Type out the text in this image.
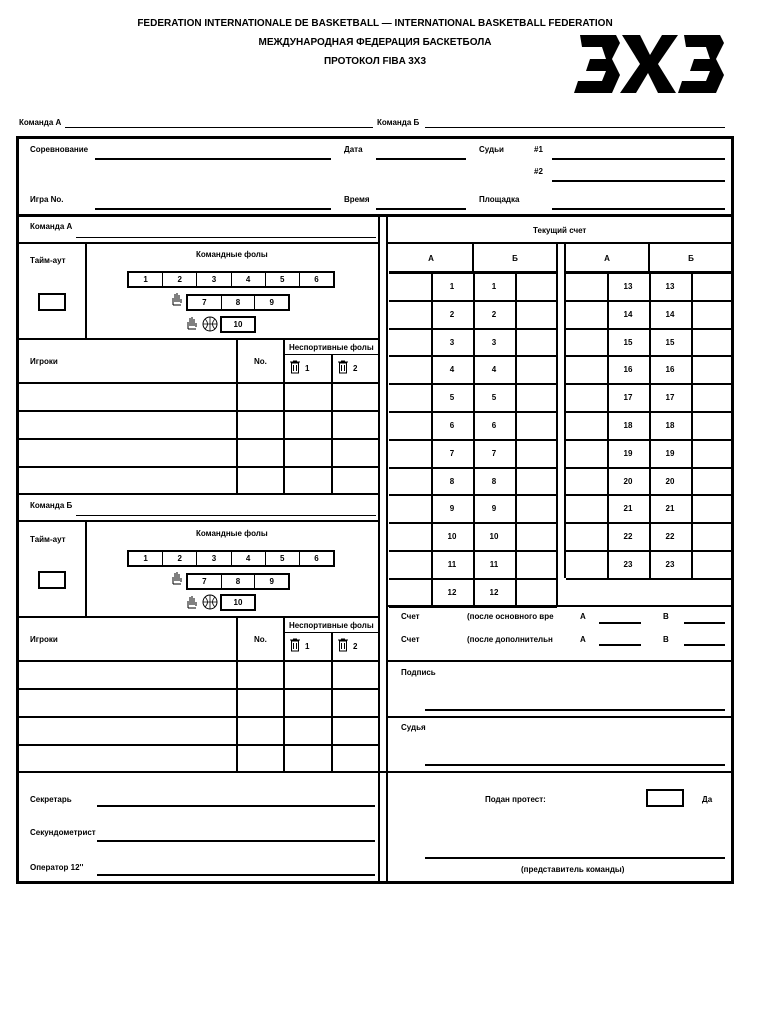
FEDERATION INTERNATIONALE DE BASKETBALL — INTERNATIONAL BASKETBALL FEDERATION
МЕЖДУНАРОДНАЯ ФЕДЕРАЦИЯ БАСКЕТБОЛА
ПРОТОКОЛ FIBA 3X3
Команда А	Команда Б
Соревнование	Дата	Судьи	#1
#2
Игра No.	Время	Площадка
Команда А
Тайм-аут
Командные фолы
1	2	3	4	5	6
7	8	9
10
Игроки	No.
Неспортивные фолы
1	2
Команда Б
Тайм-аут
Командные фолы
1	2	3	4	5	6
7	8	9
10
Игроки	No.
Неспортивные фолы
1	2
Секретарь
Секундометрист
Оператор 12''
Текущий счет
А	Б	А	Б
1	1
2	2
3	3
4	4
5	5
6	6
7	7
8	8
9	9
10	10
11	11
12	12
13	13
14	14
15	15
16	16
17	17
18	18
19	19
20	20
21	21
22	22
23	23
Счет	(после основного вре	А	В
Счет	(после дополнительн	А	В
Подпись
Судья
Подан протест:	Да
(представитель команды)
